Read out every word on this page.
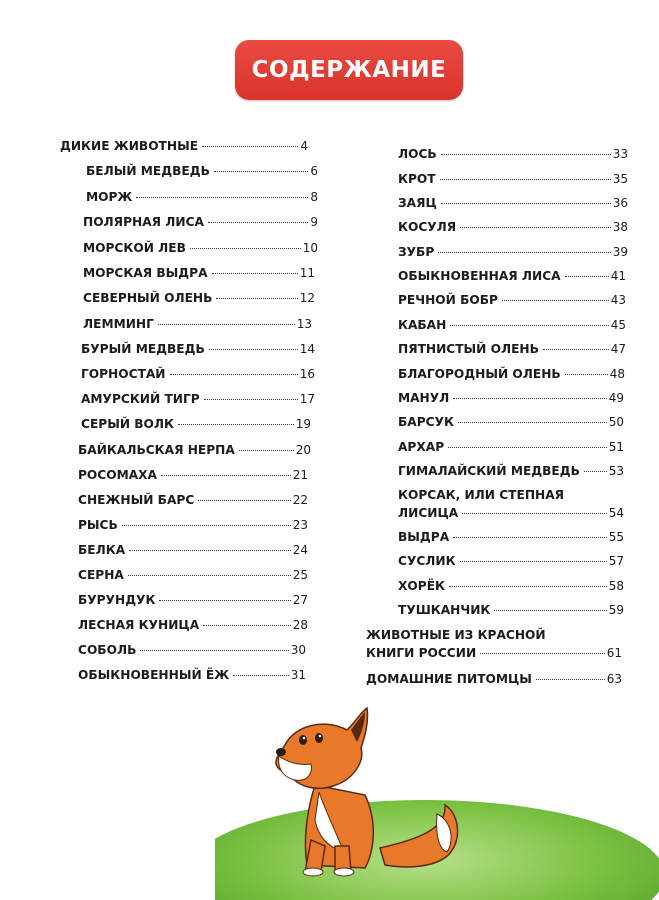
СОДЕРЖАНИЕ
ДИКИЕ ЖИВОТНЫЕ	4
БЕЛЫЙ МЕДВЕДЬ	6
МОРЖ	8
ПОЛЯРНАЯ ЛИСА	9
МОРСКОЙ ЛЕВ	10
МОРСКАЯ ВЫДРА	11
СЕВЕРНЫЙ ОЛЕНЬ	12
ЛЕММИНГ	13
БУРЫЙ МЕДВЕДЬ	14
ГОРНОСТАЙ	16
АМУРСКИЙ ТИГР	17
СЕРЫЙ ВОЛК	19
БАЙКАЛЬСКАЯ НЕРПА	20
РОСОМАХА	21
СНЕЖНЫЙ БАРС	22
РЫСЬ	23
БЕЛКА	24
СЕРНА	25
БУРУНДУК	27
ЛЕСНАЯ КУНИЦА	28
СОБОЛЬ	30
ОБЫКНОВЕННЫЙ ЁЖ	31
ЛОСЬ	33
КРОТ	35
ЗАЯЦ	36
КОСУЛЯ	38
ЗУБР	39
ОБЫКНОВЕННАЯ ЛИСА	41
РЕЧНОЙ БОБР	43
КАБАН	45
ПЯТНИСТЫЙ ОЛЕНЬ	47
БЛАГОРОДНЫЙ ОЛЕНЬ	48
МАНУЛ	49
БАРСУК	50
АРХАР	51
ГИМАЛАЙСКИЙ МЕДВЕДЬ 53
КОРСАК, ИЛИ СТЕПНАЯ
ЛИСИЦА	54
ВЫДРА	55
СУСЛИК	57
ХОРЁК	58
ТУШКАНЧИК	59
ЖИВОТНЫЕ ИЗ КРАСНОЙ
КНИГИ РОССИИ	61
ДОМАШНИЕ ПИТОМЦЫ	63
